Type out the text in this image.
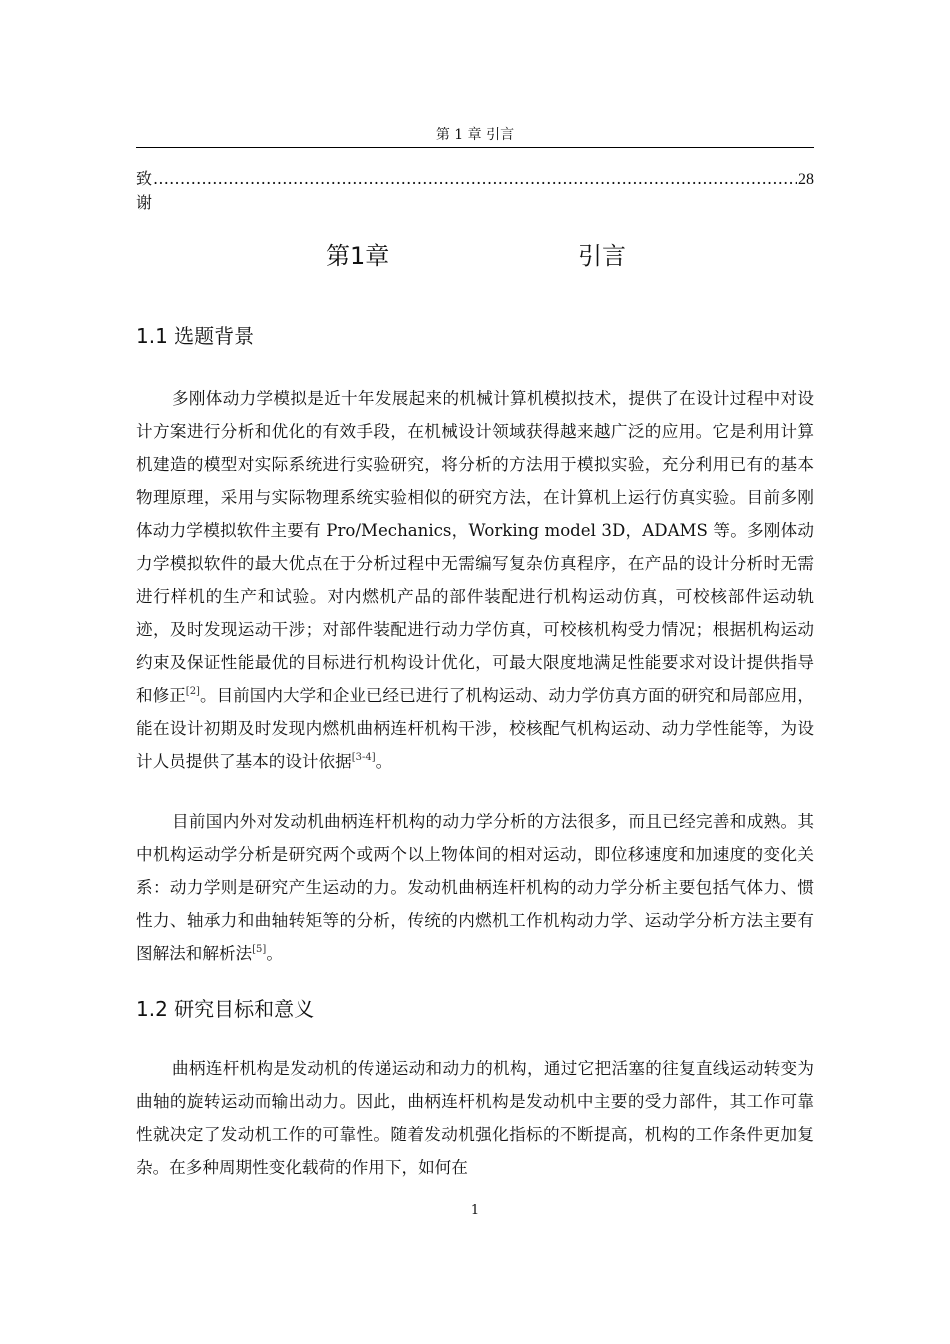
第 1 章 引言
致谢
.....
28
第1章	引言
1.1 选题背景

多刚体动力学模拟是近十年发展起来的机械计算机模拟技术，提供了在设计过程中对设计方案进行分析和优化的有效手段，在机械设计领域获得越来越广泛的应用。它是利用计算机建造的模型对实际系统进行实验研究，将分析的方法用于模拟实验，充分利用已有的基本物理原理，采用与实际物理系统实验相似的研究方法，在计算机上运行仿真实验。目前多刚体动力学模拟软件主要有 Pro/Mechanics，Working model 3D，ADAMS 等。多刚体动力学模拟软件的最大优点在于分析过程中无需编写复杂仿真程序，在产品的设计分析时无需进行样机的生产和试验。对内燃机产品的部件装配进行机构运动仿真，可校核部件运动轨迹，及时发现运动干涉；对部件装配进行动力学仿真，可校核机构受力情况；根据机构运动约束及保证性能最优的目标进行机构设计优化，可最大限度地满足性能要求对设计提供指导和修正[2]。目前国内大学和企业已经已进行了机构运动、动力学仿真方面的研究和局部应用，能在设计初期及时发现内燃机曲柄连杆机构干涉，校核配气机构运动、动力学性能等，为设计人员提供了基本的设计依据[3-4]。

目前国内外对发动机曲柄连杆机构的动力学分析的方法很多，而且已经完善和成熟。其中机构运动学分析是研究两个或两个以上物体间的相对运动，即位移速度和加速度的变化关系：动力学则是研究产生运动的力。发动机曲柄连杆机构的动力学分析主要包括气体力、惯性力、轴承力和曲轴转矩等的分析，传统的内燃机工作机构动力学、运动学分析方法主要有图解法和解析法[5]。

1.2 研究目标和意义

曲柄连杆机构是发动机的传递运动和动力的机构，通过它把活塞的往复直线运动转变为曲轴的旋转运动而输出动力。因此，曲柄连杆机构是发动机中主要的受力部件，其工作可靠性就决定了发动机工作的可靠性。随着发动机强化指标的不断提高，机构的工作条件更加复杂。在多种周期性变化载荷的作用下，如何在

1
